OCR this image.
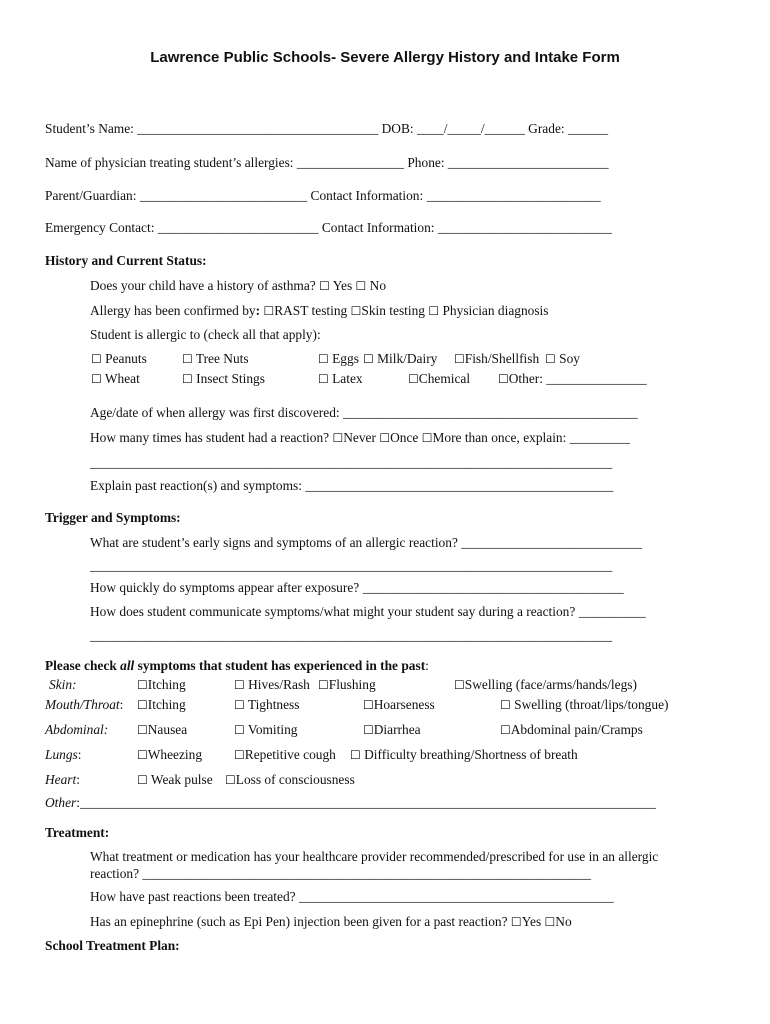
Lawrence Public Schools- Severe Allergy History and Intake Form
Student’s Name: ____________________________________ DOB: ____/_____/______ Grade: ______
Name of physician treating student’s allergies: ________________ Phone: ________________________
Parent/Guardian: _________________________ Contact Information: __________________________
Emergency Contact: ________________________ Contact Information: __________________________
History and Current Status:
Does your child have a history of asthma? ☐ Yes ☐ No
Allergy has been confirmed by: ☐RAST testing ☐Skin testing ☐ Physician diagnosis
Student is allergic to (check all that apply):
☐ Peanuts	☐ Tree Nuts	☐ Eggs ☐ Milk/Dairy ☐Fish/Shellfish ☐ Soy
☐ Wheat	☐ Insect Stings	☐ Latex	☐Chemical ☐Other: _______________
Age/date of when allergy was first discovered: ____________________________________________
How many times has student had a reaction? ☐Never ☐Once ☐More than once, explain: _________
______________________________________________________________________________
Explain past reaction(s) and symptoms: ______________________________________________
Trigger and Symptoms:
What are student’s early signs and symptoms of an allergic reaction? ___________________________
______________________________________________________________________________
How quickly do symptoms appear after exposure? _______________________________________
How does student communicate symptoms/what might your student say during a reaction? __________
______________________________________________________________________________
Please check all symptoms that student has experienced in the past:
Skin:	☐Itching	☐ Hives/Rash ☐Flushing	☐Swelling (face/arms/hands/legs)
Mouth/Throat: ☐Itching	☐ Tightness	☐Hoarseness	☐ Swelling (throat/lips/tongue)
Abdominal: ☐Nausea	☐ Vomiting	☐Diarrhea	☐Abdominal pain/Cramps
Lungs:	☐Wheezing	☐Repetitive cough ☐ Difficulty breathing/Shortness of breath
Heart:	☐ Weak pulse ☐Loss of consciousness
Other:______________________________________________________________________________________
Treatment:
What treatment or medication has your healthcare provider recommended/prescribed for use in an allergic
reaction? ___________________________________________________________________
How have past reactions been treated? _______________________________________________
Has an epinephrine (such as Epi Pen) injection been given for a past reaction? ☐Yes ☐No
School Treatment Plan:
